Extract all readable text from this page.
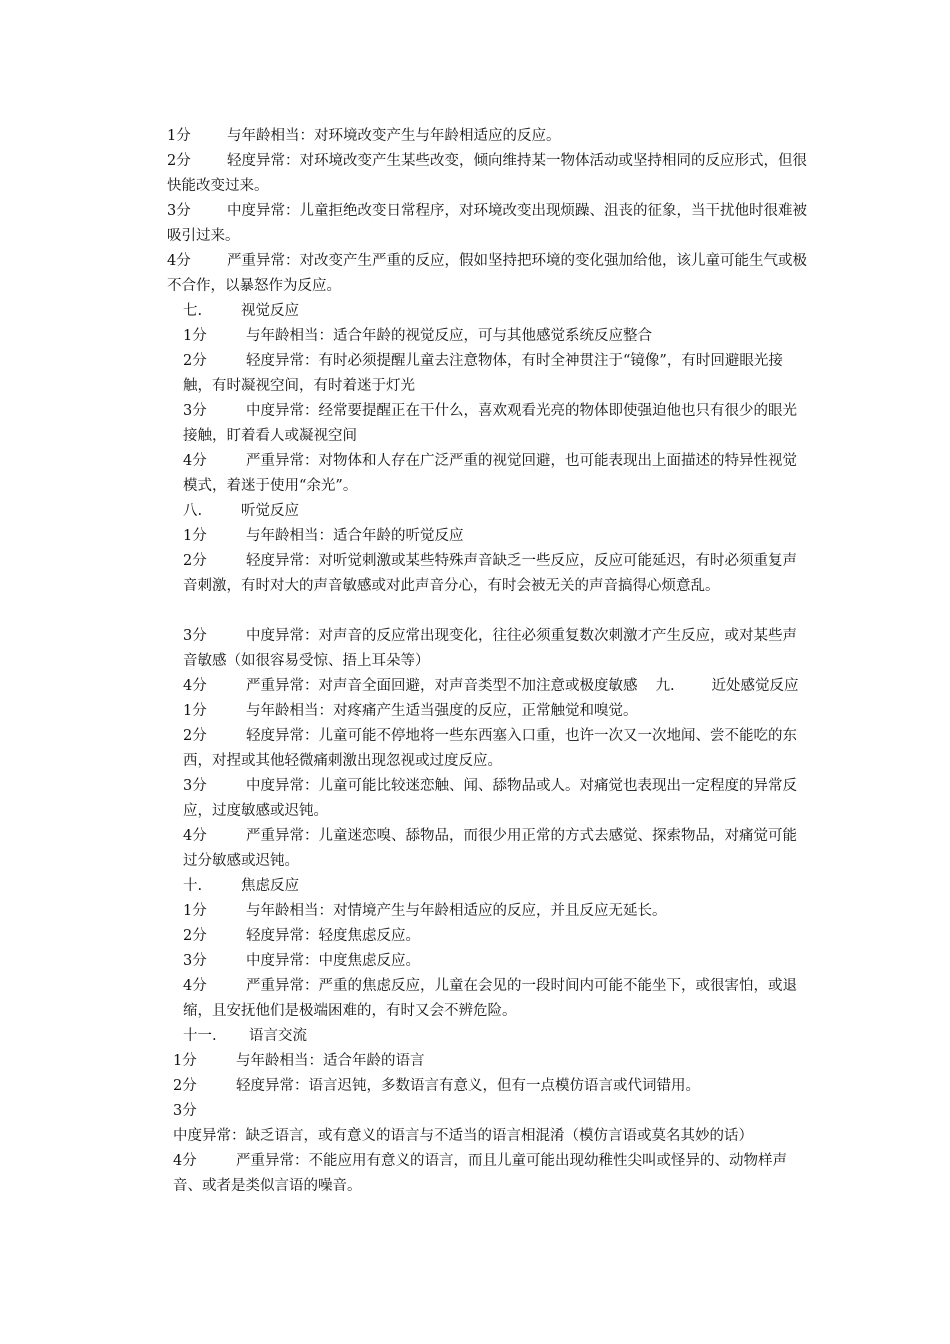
1分	与年龄相当：对环境改变产生与年龄相适应的反应。

2分	轻度异常：对环境改变产生某些改变，倾向维持某一物体活动或坚持相同的反应形式，但很快能改变过来。

3分	中度异常：儿童拒绝改变日常程序，对环境改变出现烦躁、沮丧的征象，当干扰他时很难被吸引过来。

4分	严重异常：对改变产生严重的反应，假如坚持把环境的变化强加给他，该儿童可能生气或极不合作，以暴怒作为反应。

七.	视觉反应

1分	与年龄相当：适合年龄的视觉反应，可与其他感觉系统反应整合

2分	轻度异常：有时必须提醒儿童去注意物体，有时全神贯注于“镜像”，有时回避眼光接触，有时凝视空间，有时着迷于灯光

3分	中度异常：经常要提醒正在干什么，喜欢观看光亮的物体即使强迫他也只有很少的眼光接触，盯着看人或凝视空间

4分	严重异常：对物体和人存在广泛严重的视觉回避，也可能表现出上面描述的特异性视觉模式，着迷于使用“余光”。

八.	听觉反应

1分	与年龄相当：适合年龄的听觉反应

2分	轻度异常：对听觉刺激或某些特殊声音缺乏一些反应，反应可能延迟，有时必须重复声音刺激，有时对大的声音敏感或对此声音分心，有时会被无关的声音搞得心烦意乱。

3分	中度异常：对声音的反应常出现变化，往往必须重复数次刺激才产生反应，或对某些声音敏感（如很容易受惊、捂上耳朵等）

4分	严重异常：对声音全面回避，对声音类型不加注意或极度敏感 九.	近处感觉反应

1分	与年龄相当：对疼痛产生适当强度的反应，正常触觉和嗅觉。

2分	轻度异常：儿童可能不停地将一些东西塞入口重，也许一次又一次地闻、尝不能吃的东西，对捏或其他轻微痛刺激出现忽视或过度反应。

3分	中度异常：儿童可能比较迷恋触、闻、舔物品或人。对痛觉也表现出一定程度的异常反应，过度敏感或迟钝。

4分	严重异常：儿童迷恋嗅、舔物品，而很少用正常的方式去感觉、探索物品，对痛觉可能过分敏感或迟钝。

十.	焦虑反应

1分	与年龄相当：对情境产生与年龄相适应的反应，并且反应无延长。

2分	轻度异常：轻度焦虑反应。

3分	中度异常：中度焦虑反应。

4分	严重异常：严重的焦虑反应，儿童在会见的一段时间内可能不能坐下，或很害怕，或退缩，且安抚他们是极端困难的，有时又会不辨危险。

十一. 语言交流

1分	与年龄相当：适合年龄的语言

2分	轻度异常：语言迟钝，多数语言有意义，但有一点模仿语言或代词错用。

3分中度异常：缺乏语言，或有意义的语言与不适当的语言相混淆（模仿言语或莫名其妙的话）

4分	严重异常：不能应用有意义的语言，而且儿童可能出现幼稚性尖叫或怪异的、动物样声音、或者是类似言语的噪音。
